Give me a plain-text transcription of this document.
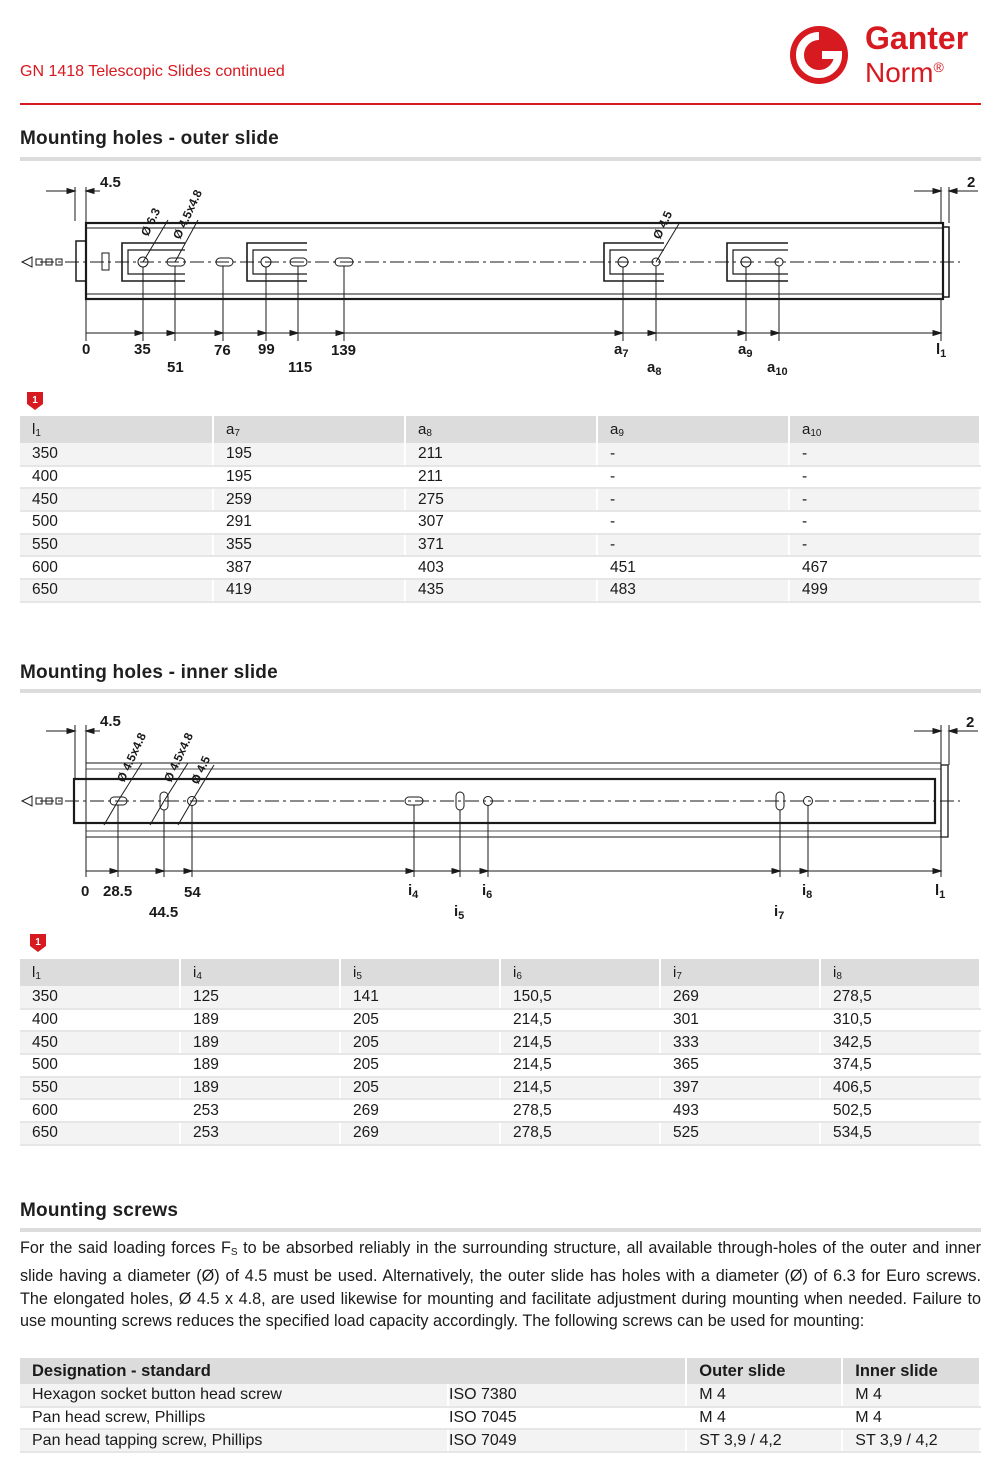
GN 1418 Telescopic Slides continued
Ganter
Norm®
Mounting holes - outer slide
4.5	2
Ø 6.3 Ø 4.5x4.8	Ø 4.5
0	35	76 99	139
51	115
$a_7$
$a_8$
$a_9$
$a_{10}$
$l_1$
1
$l_1$	$a_7$	$a_8$	$a_9$	$a_{10}$
350	195	211	-	-
400	195	211	-	-
450	259	275	-	-
500	291	307	-	-
550	355	371	-	-
600	387	403	451	467
650	419	435	483	499
Mounting holes - inner slide
4.5	2
Ø 4.5x4.8 Ø 4.5x4.8
Ø 4.5
0 28.5	54
44.5
$i_4$
$i_5$
$i_6$
$i_7$
$i_8$	$l_1$
1
$l_1$	$i_4$	$i_5$	$i_6$	$i_7$	$i_8$
350	125	141	150,5	269	278,5
400	189	205	214,5	301	310,5
450	189	205	214,5	333	342,5
500	189	205	214,5	365	374,5
550	189	205	214,5	397	406,5
600	253	269	278,5	493	502,5
650	253	269	278,5	525	534,5
Mounting screws

For the said loading forces $F_S$ to be absorbed reliably in the surrounding structure, all available through-holes of the outer and inner slide having a diameter (Ø) of 4.5 must be used. Alternatively, the outer slide has holes with a diameter (Ø) of 6.3 for Euro screws. The elongated holes, Ø 4.5 x 4.8, are used likewise for mounting and facilitate adjustment during mounting when needed. Failure to use mounting screws reduces the specified load capacity accordingly. The following screws can be used for mounting:

Designation - standard		Outer slide	Inner slide
Hexagon socket button head screw	ISO 7380	M 4	M 4
Pan head screw, Phillips	ISO 7045	M 4	M 4
Pan head tapping screw, Phillips	ISO 7049	ST 3,9 / 4,2	ST 3,9 / 4,2
